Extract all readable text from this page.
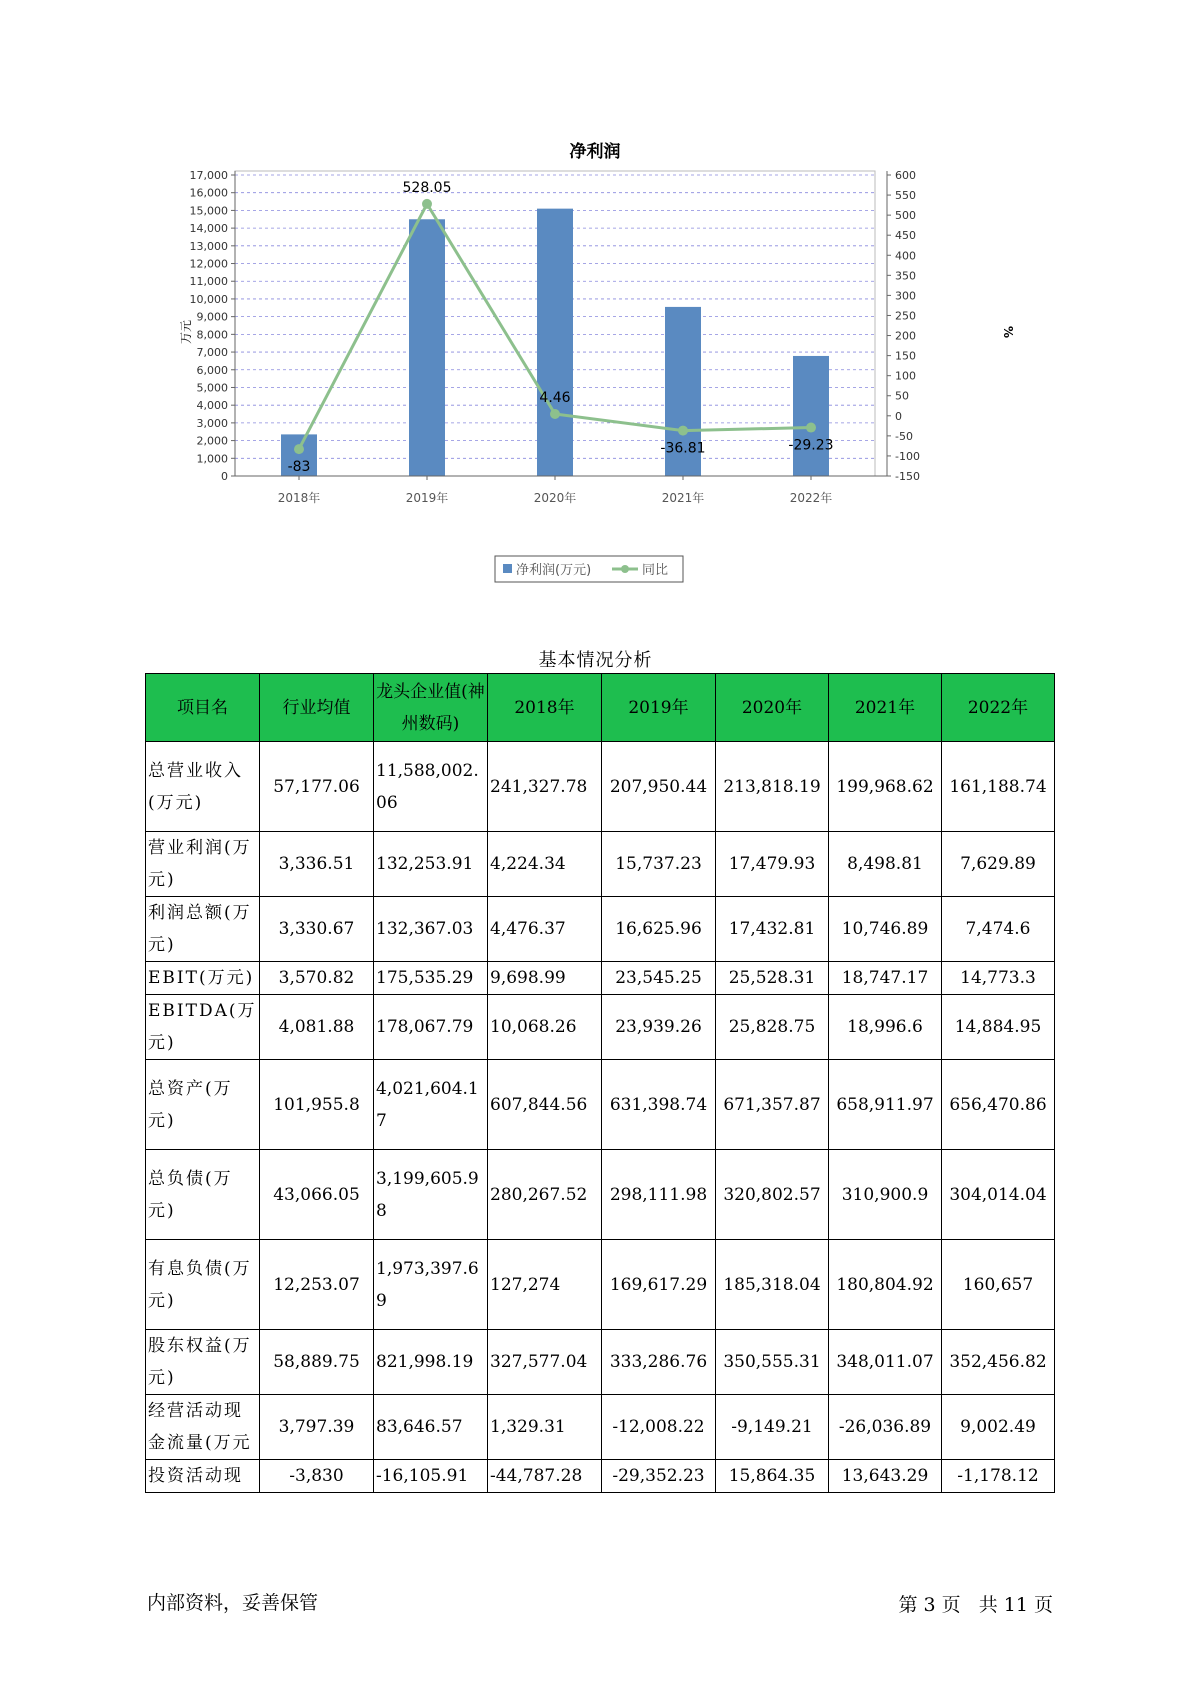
净利润
-83
528.05
4.46
-36.81	-29.23
17,000
16,000
15,000
14,000
13,000
12,000
11,000
10,000
9,000
8,000
7,000
6,000
5,000
4,000
3,000
2,000
1,000
0
600
550
500
450
400
350
300
250
200
150
100
50
0
-50
-100
-150
2018年	2019年	2020年	2021年	2022年
万元	%
净利润(万元)	同比
基本情况分析
项目名	行业均值	龙头企业值(神州数码)	2018年	2019年	2020年	2021年	2022年
总营业收入(万元)	57,177.06	11,588,002.06	241,327.78	207,950.44	213,818.19	199,968.62	161,188.74
营业利润(万元)	3,336.51	132,253.91	4,224.34	15,737.23	17,479.93	8,498.81	7,629.89
利润总额(万元)	3,330.67	132,367.03	4,476.37	16,625.96	17,432.81	10,746.89	7,474.6
EBIT(万元)	3,570.82	175,535.29	9,698.99	23,545.25	25,528.31	18,747.17	14,773.3
EBITDA(万元)	4,081.88	178,067.79	10,068.26	23,939.26	25,828.75	18,996.6	14,884.95
总资产(万元)	101,955.8	4,021,604.17	607,844.56	631,398.74	671,357.87	658,911.97	656,470.86
总负债(万元)	43,066.05	3,199,605.98	280,267.52	298,111.98	320,802.57	310,900.9	304,014.04
有息负债(万元)	12,253.07	1,973,397.69	127,274	169,617.29	185,318.04	180,804.92	160,657
股东权益(万元)	58,889.75	821,998.19	327,577.04	333,286.76	350,555.31	348,011.07	352,456.82
经营活动现金流量(万元	3,797.39	83,646.57	1,329.31	-12,008.22	-9,149.21	-26,036.89	9,002.49
投资活动现	-3,830	-16,105.91	-44,787.28	-29,352.23	15,864.35	13,643.29	-1,178.12
内部资料，妥善保管	第 3 页   共 11 页
